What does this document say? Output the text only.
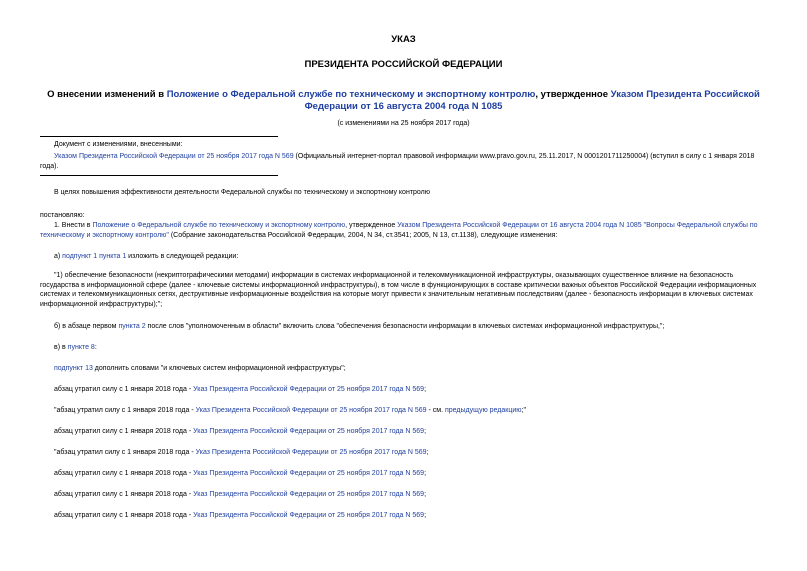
УКАЗ
ПРЕЗИДЕНТА РОССИЙСКОЙ ФЕДЕРАЦИИ
О внесении изменений в Положение о Федеральной службе по техническому и экспортному контролю, утвержденное Указом Президента Российской Федерации от 16 августа 2004 года N 1085
(с изменениями на 25 ноября 2017 года)
Документ с изменениями, внесенными:
Указом Президента Российской Федерации от 25 ноября 2017 года N 569 (Официальный интернет-портал правовой информации www.pravo.gov.ru, 25.11.2017, N 0001201711250004) (вступил в силу с 1 января 2018 года).
В целях повышения эффективности деятельности Федеральной службы по техническому и экспортному контролю
постановляю:
1. Внести в Положение о Федеральной службе по техническому и экспортному контролю, утвержденное Указом Президента Российской Федерации от 16 августа 2004 года N 1085 "Вопросы Федеральной службы по техническому и экспортному контролю" (Собрание законодательства Российской Федерации, 2004, N 34, ст.3541; 2005, N 13, ст.1138), следующие изменения:
а) подпункт 1 пункта 1 изложить в следующей редакции:
"1) обеспечение безопасности (некриптографическими методами) информации в системах информационной и телекоммуникационной инфраструктуры, оказывающих существенное влияние на безопасность государства в информационной сфере (далее - ключевые системы информационной инфраструктуры), в том числе в функционирующих в составе критически важных объектов Российской Федерации информационных системах и телекоммуникационных сетях, деструктивные информационные воздействия на которые могут привести к значительным негативным последствиям (далее - безопасность информации в ключевых системах информационной инфраструктуры);";
б) в абзаце первом пункта 2 после слов "уполномоченным в области" включить слова "обеспечения безопасности информации в ключевых системах информационной инфраструктуры,";
в) в пункте 8:
подпункт 13 дополнить словами "и ключевых систем информационной инфраструктуры";
абзац утратил силу с 1 января 2018 года - Указ Президента Российской Федерации от 25 ноября 2017 года N 569;
"абзац утратил силу с 1 января 2018 года - Указ Президента Российской Федерации от 25 ноября 2017 года N 569 - см. предыдущую редакцию;"
абзац утратил силу с 1 января 2018 года - Указ Президента Российской Федерации от 25 ноября 2017 года N 569;
"абзац утратил силу с 1 января 2018 года - Указ Президента Российской Федерации от 25 ноября 2017 года N 569;
абзац утратил силу с 1 января 2018 года - Указ Президента Российской Федерации от 25 ноября 2017 года N 569;
абзац утратил силу с 1 января 2018 года - Указ Президента Российской Федерации от 25 ноября 2017 года N 569;
абзац утратил силу с 1 января 2018 года - Указ Президента Российской Федерации от 25 ноября 2017 года N 569;
